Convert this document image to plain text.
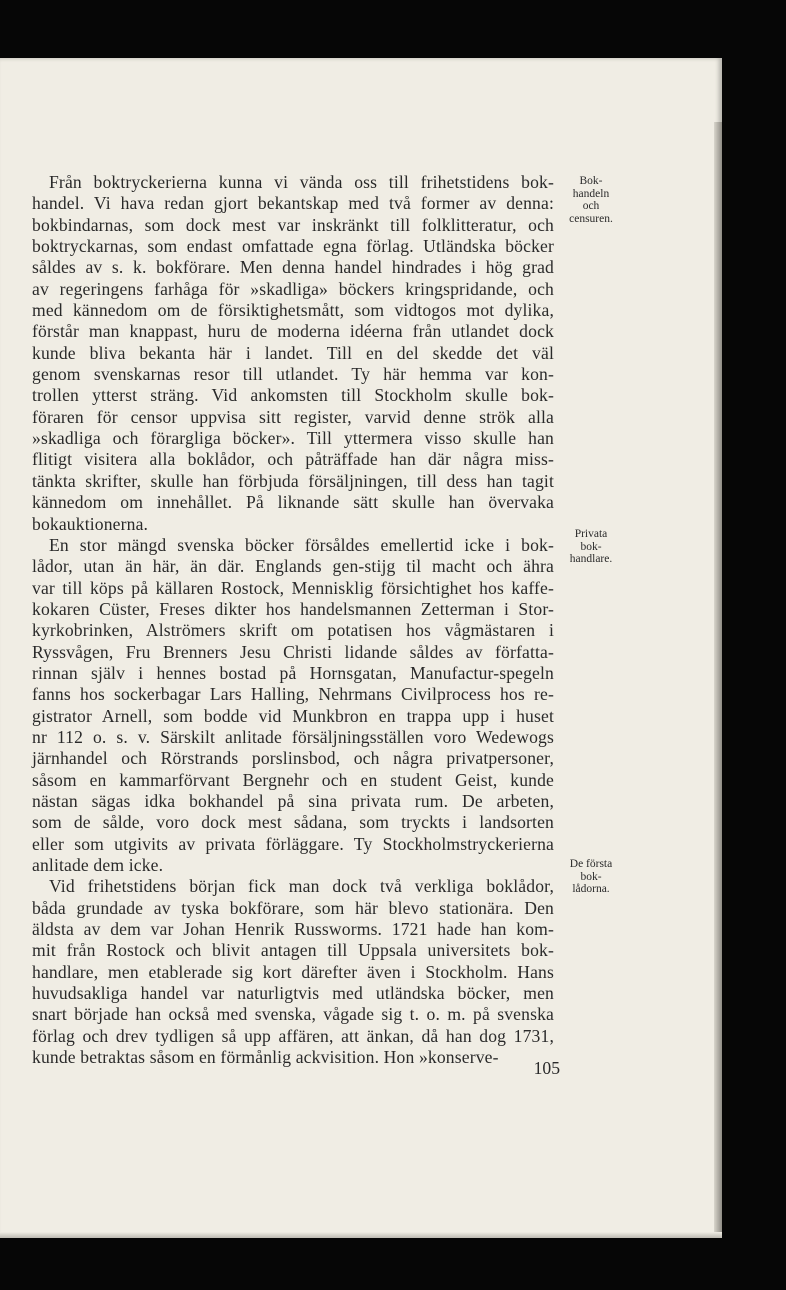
Från boktryckerierna kunna vi vända oss till frihetstidens bok-
handel. Vi hava redan gjort bekantskap med två former av denna:
bokbindarnas, som dock mest var inskränkt till folklitteratur, och
boktryckarnas, som endast omfattade egna förlag. Utländska böcker
såldes av s. k. bokförare. Men denna handel hindrades i hög grad
av regeringens farhåga för »skadliga» böckers kringspridande, och
med kännedom om de försiktighetsmått, som vidtogos mot dylika,
förstår man knappast, huru de moderna idéerna från utlandet dock
kunde bliva bekanta här i landet. Till en del skedde det väl
genom svenskarnas resor till utlandet. Ty här hemma var kon-
trollen ytterst sträng. Vid ankomsten till Stockholm skulle bok-
föraren för censor uppvisa sitt register, varvid denne strök alla
»skadliga och förargliga böcker». Till yttermera visso skulle han
flitigt visitera alla boklådor, och påträffade han där några miss-
tänkta skrifter, skulle han förbjuda försäljningen, till dess han tagit
kännedom om innehållet. På liknande sätt skulle han övervaka
bokauktionerna.
En stor mängd svenska böcker försåldes emellertid icke i bok-
lådor, utan än här, än där. Englands gen-stijg til macht och ähra
var till köps på källaren Rostock, Mennisklig försichtighet hos kaffe-
kokaren Cüster, Freses dikter hos handelsmannen Zetterman i Stor-
kyrkobrinken, Alströmers skrift om potatisen hos vågmästaren i
Ryssvågen, Fru Brenners Jesu Christi lidande såldes av författa-
rinnan själv i hennes bostad på Hornsgatan, Manufactur-spegeln
fanns hos sockerbagar Lars Halling, Nehrmans Civilprocess hos re-
gistrator Arnell, som bodde vid Munkbron en trappa upp i huset
nr 112 o. s. v. Särskilt anlitade försäljningsställen voro Wedewogs
järnhandel och Rörstrands porslinsbod, och några privatpersoner,
såsom en kammarförvant Bergnehr och en student Geist, kunde
nästan sägas idka bokhandel på sina privata rum. De arbeten,
som de sålde, voro dock mest sådana, som tryckts i landsorten
eller som utgivits av privata förläggare. Ty Stockholmstryckerierna
anlitade dem icke.
Vid frihetstidens början fick man dock två verkliga boklådor,
båda grundade av tyska bokförare, som här blevo stationära. Den
äldsta av dem var Johan Henrik Russworms. 1721 hade han kom-
mit från Rostock och blivit antagen till Uppsala universitets bok-
handlare, men etablerade sig kort därefter även i Stockholm. Hans
huvudsakliga handel var naturligtvis med utländska böcker, men
snart började han också med svenska, vågade sig t. o. m. på svenska
förlag och drev tydligen så upp affären, att änkan, då han dog 1731,
kunde betraktas såsom en förmånlig ackvisition. Hon »konserve-
Bok-
handeln
och
censuren.
Privata
bok-
handlare.
De första
bok-
lådorna.
105
